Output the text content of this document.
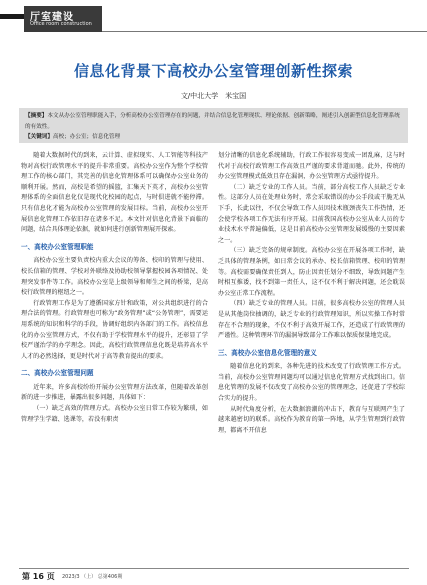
厅室建设
Office room construction
信息化背景下高校办公室管理创新性探索
文/中北大学　米宝国
【摘要】本文从办公室管理职能入手，分析高校办公室管理存在的问题，并结合信息化管理现状、理论依据、创新策略，阐述引入创新型信息化管理系统的有效性。
【关键词】高校；办公室；信息化管理

随着大数据时代的到来，云计算、虚拟现实、人工智能等科技产物对高校行政管理水平的提升非常重要。高校办公室作为整个学校管理工作的核心部门，其完善的信息化管理体系可以确保办公室业务的顺利开展。然而，高校是希望的摇篮，汇集天下英才，高校办公室管理体系的全面信息化仅是现代化校园的起点，与时俱进就不能停滞。只有信息化才能为高校办公室管理的发展目标。当前，高校办公室开展信息化管理工作依旧存在诸多不足。本文针对信息化背景下面临的问题，结合具体理论依据，就如何进行创新管理展开探索。

一、高校办公室管理职能

高校办公室主要负责校内重大会议的筹备、校印的管理与使用、校长信箱的管理、学校对外联络及协助校领导掌握校园各项情况、处理突发事件等工作。高校办公室是上级领导和师生之间的桥梁，是高校行政管理的枢纽之一。

行政管理工作是为了遵循国家方针和政策，对公共组织进行的合理合法的管理。行政管理也可称为“政务管理”或“公务管理”，需要运用系统的知识和科学的手段，协调好组织内各部门的工作。高校信息化的办公室管理方式，不仅有助于学校管理水平的提升，还彰显了学校严谨治学的办学理念。因此，高校行政管理信息化既是培养高水平人才的必然选择，更是时代对于高等教育提出的要求。

二、高校办公室管理问题

近年来，许多高校纷纷开展办公室管理方法改革，但随着改革创新的进一步推进，暴露出很多问题，具体如下：

（一）缺乏高效的管理方式。高校办公室日常工作较为繁琐，如管理学生学籍、选课等，若没有职责

划分清晰的信息化系统辅助，行政工作很容易变成一团乱麻，这与时代对于高校行政管理工作高效且严谨的要求背道而驰。此外，传统的办公室管理模式低效且存在漏洞，办公室管理方式亟待提升。

（二）缺乏专业的工作人员。当前，部分高校工作人员缺乏专业性。这部分人员在处理业务时，常会采取错误的办公手段或干脆无从下手，长此以往，不仅会导致工作人员因技术瓶颈丧失工作热情，还会使学校各项工作无法有序开展。目前我国高校办公室从业人员的专业技术水平普遍偏低，这是目前高校办公室管理发展缓慢的主要因素之一。

（三）缺乏完备的规章制度。高校办公室在开展各项工作时，缺乏具体的管理条例，如日常会议的承办、校长信箱管理、校印的管理等。高校需要确保责任到人，防止因责任划分不细致，导致问题产生时相互推诿，找不到第一责任人，这不仅不利于解决问题，还会耽误办公室正常工作流程。

（四）缺乏专业的管理人员。目前，很多高校办公室的管理人员是从其他岗位抽调的，缺乏专业的行政管理知识，所以实操工作时常存在不合理的现象，不仅不利于高效开展工作，还造成了行政管理的严谨性。这种管理环节的漏洞导致部分工作难以保质保量地完成。

三、高校办公室信息化管理的意义

随着信息化的到来，各种先进的技术改变了行政管理工作方式。当前，高校办公室管理问题均可以通过信息化管理方式找到出口。信息化管理的发展不仅改变了高校办公室的管理理念，还促进了学校综合实力的提升。

从时代角度分析，在大数据浪潮的冲击下，教育与互联网产生了越来越密切的联系。高校作为教育的第一阵地，从学生管理到行政管理，都离不开信息

第 16 页 2023/3 （上） 总第406期
